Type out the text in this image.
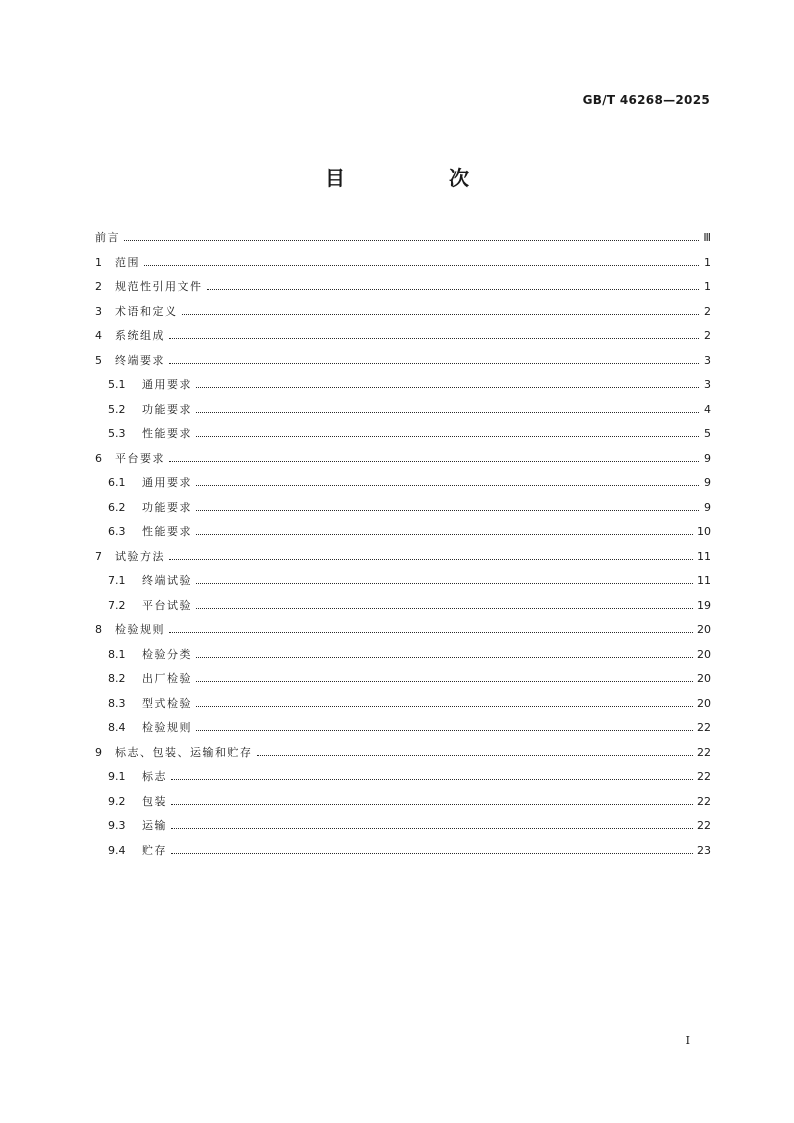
GB/T 46268—2025
目　次
前言	Ⅲ
1	范围	1
2	规范性引用文件	1
3	术语和定义	2
4	系统组成	2
5	终端要求	3
5.1	通用要求	3
5.2	功能要求	4
5.3	性能要求	5
6	平台要求	9
6.1	通用要求	9
6.2	功能要求	9
6.3	性能要求	10
7	试验方法	11
7.1	终端试验	11
7.2	平台试验	19
8	检验规则	20
8.1	检验分类	20
8.2	出厂检验	20
8.3	型式检验	20
8.4	检验规则	22
9	标志、包装、运输和贮存	22
9.1	标志	22
9.2	包装	22
9.3	运输	22
9.4	贮存	23
Ⅰ
